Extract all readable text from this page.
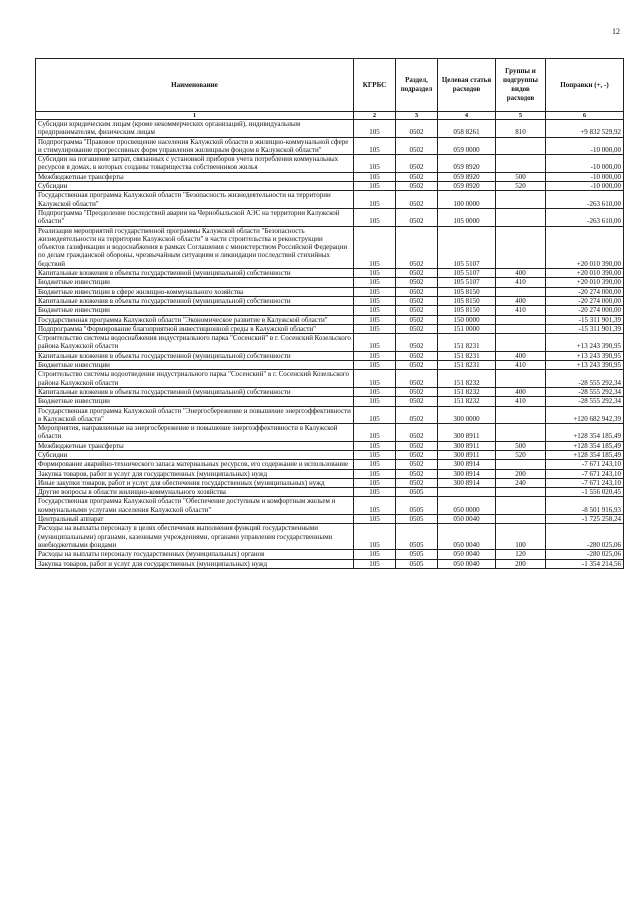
12
Наименование	КГРБС	Раздел, подраздел	Целевая статья расходов	Группы и подгруппы видов расходов	Поправки (+, -)
1	2	3	4	5	6
Субсидии юридическим лицам (кроме некоммерческих организаций), индивидуальным предпринимателям, физическим лицам	105	0502	058 8261	810	+9 832 529,92
Подпрограмма "Правовое просвещение населения Калужской области в жилищно-коммунальной сфере и стимулирование прогрессивных форм управления жилищным фондом в Калужской области"	105	0502	059 0000		-10 000,00
Субсидии на погашение затрат, связанных с установкой приборов учета потребления коммунальных ресурсов в домах, в которых созданы товарищества собственников жилья	105	0502	059 8920		-10 000,00
Межбюджетные трансферты	105	0502	059 8920	500	-10 000,00
Субсидии	105	0502	059 8920	520	-10 000,00
Государственная программа Калужской области "Безопасность жизнедеятельности на территории Калужской области"	105	0502	100 0000		-263 610,00
Подпрограмма "Преодоление последствий аварии на Чернобыльской АЭС на территории Калужской области"	105	0502	105 0000		-263 610,00
Реализация мероприятий государственной программы Калужской области "Безопасность жизнедеятельности на территории Калужской области" в части строительства и реконструкции объектов газификации и водоснабжения в рамках Соглашения с министерством Российской Федерации по делам гражданской обороны, чрезвычайным ситуациям и ликвидации последствий стихийных бедствий	105	0502	105 5107		+20 010 390,00
Капитальные вложения в объекты государственной (муниципальной) собственности	105	0502	105 5107	400	+20 010 390,00
Бюджетные инвестиции	105	0502	105 5107	410	+20 010 390,00
Бюджетные инвестиции в сфере жилищно-коммунального хозяйства	105	0502	105 8150		-20 274 000,00
Капитальные вложения в объекты государственной (муниципальной) собственности	105	0502	105 8150	400	-20 274 000,00
Бюджетные инвестиции	105	0502	105 8150	410	-20 274 000,00
Государственная программа Калужской области "Экономическое развитие в Калужской области"	105	0502	150 0000		-15 311 901,39
Подпрограмма "Формирование благоприятной инвестиционной среды в Калужской области"	105	0502	151 0000		-15 311 901,39
Строительство системы водоснабжения индустриального парка "Сосенский" в г. Сосенский Козельского района Калужской области	105	0502	151 8231		+13 243 390,95
Капитальные вложения в объекты государственной (муниципальной) собственности	105	0502	151 8231	400	+13 243 390,95
Бюджетные инвестиции	105	0502	151 8231	410	+13 243 390,95
Строительство системы водоотведения индустриального парка "Сосенский" в г. Сосенский Козельского района Калужской области	105	0502	151 8232		-28 555 292,34
Капитальные вложения в объекты государственной (муниципальной) собственности	105	0502	151 8232	400	-28 555 292,34
Бюджетные инвестиции	105	0502	151 8232	410	-28 555 292,34
Государственная программа Калужской области "Энергосбережение и повышение энергоэффективности в Калужской области"	105	0502	300 0000		+120 682 942,39
Мероприятия, направленные на энергосбережение и повышение энергоэффективности в Калужской области	105	0502	300 8911		+128 354 185,49
Межбюджетные трансферты	105	0502	300 8911	500	+128 354 185,49
Субсидии	105	0502	300 8911	520	+128 354 185,49
Формирование аварийно-технического запаса материальных ресурсов, его содержание и использование	105	0502	300 8914		-7 671 243,10
Закупка товаров, работ и услуг для государственных (муниципальных) нужд	105	0502	300 8914	200	-7 671 243,10
Иные закупки товаров, работ и услуг для обеспечения государственных (муниципальных) нужд	105	0502	300 8914	240	-7 671 243,10
Другие вопросы в области жилищно-коммунального хозяйства	105	0505			-1 556 020,45
Государственная программа Калужской области "Обеспечение доступным и комфортным жильем и коммунальными услугами населения Калужской области"	105	0505	050 0000		-8 501 916,93
Центральный аппарат	105	0505	050 0040		-1 725 258,24
Расходы на выплаты персоналу в целях обеспечения выполнения функций государственными (муниципальными) органами, казенными учреждениями, органами управления государственными внебюджетными фондами	105	0505	050 0040	100	-280 025,06
Расходы на выплаты персоналу государственных (муниципальных) органов	105	0505	050 0040	120	-280 025,06
Закупка товаров, работ и услуг для государственных (муниципальных) нужд	105	0505	050 0040	200	-1 354 214,56
